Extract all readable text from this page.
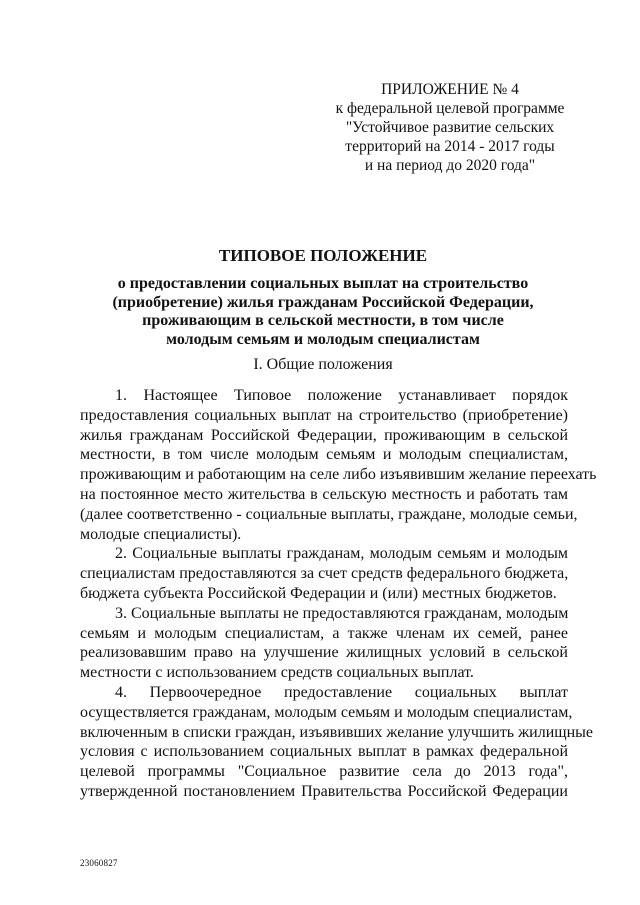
ПРИЛОЖЕНИЕ № 4
к федеральной целевой программе
"Устойчивое развитие сельских
территорий на 2014 - 2017 годы
и на период до 2020 года"
ТИПОВОЕ ПОЛОЖЕНИЕ
о предоставлении социальных выплат на строительство
(приобретение) жилья гражданам Российской Федерации,
проживающим в сельской местности, в том числе
молодым семьям и молодым специалистам
I. Общие положения
1. Настоящее Типовое положение устанавливает порядок
предоставления социальных выплат на строительство (приобретение)
жилья гражданам Российской Федерации, проживающим в сельской
местности, в том числе молодым семьям и молодым специалистам,
проживающим и работающим на селе либо изъявившим желание переехать
на постоянное место жительства в сельскую местность и работать там
(далее соответственно - социальные выплаты, граждане, молодые семьи,
молодые специалисты).
2. Социальные выплаты гражданам, молодым семьям и молодым
специалистам предоставляются за счет средств федерального бюджета,
бюджета субъекта Российской Федерации и (или) местных бюджетов.
3. Социальные выплаты не предоставляются гражданам, молодым
семьям и молодым специалистам, а также членам их семей, ранее
реализовавшим право на улучшение жилищных условий в сельской
местности с использованием средств социальных выплат.
4. Первоочередное предоставление социальных выплат
осуществляется гражданам, молодым семьям и молодым специалистам,
включенным в списки граждан, изъявивших желание улучшить жилищные
условия с использованием социальных выплат в рамках федеральной
целевой программы "Социальное развитие села до 2013 года",
утвержденной постановлением Правительства Российской Федерации
23060827
